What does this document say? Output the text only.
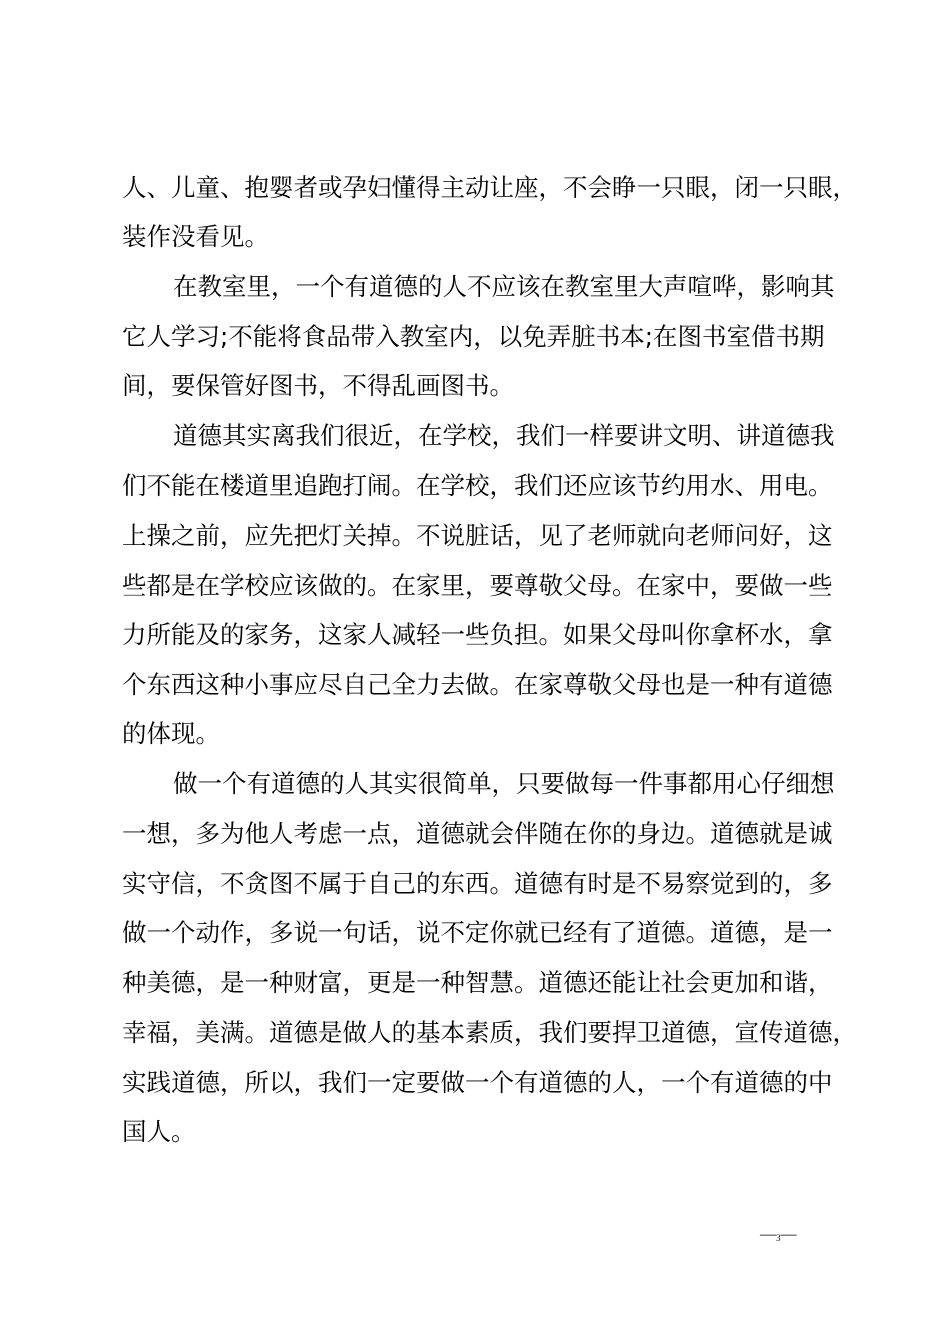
人、儿童、抱婴者或孕妇懂得主动让座，不会睁一只眼，闭一只眼，
装作没看见。
在教室里，一个有道德的人不应该在教室里大声喧哗，影响其
它人学习;不能将食品带入教室内，以免弄脏书本;在图书室借书期
间，要保管好图书，不得乱画图书。
道德其实离我们很近，在学校，我们一样要讲文明、讲道德我
们不能在楼道里追跑打闹。在学校，我们还应该节约用水、用电。
上操之前，应先把灯关掉。不说脏话，见了老师就向老师问好，这
些都是在学校应该做的。在家里，要尊敬父母。在家中，要做一些
力所能及的家务，这家人减轻一些负担。如果父母叫你拿杯水，拿
个东西这种小事应尽自己全力去做。在家尊敬父母也是一种有道德
的体现。
做一个有道德的人其实很简单，只要做每一件事都用心仔细想
一想，多为他人考虑一点，道德就会伴随在你的身边。道德就是诚
实守信，不贪图不属于自己的东西。道德有时是不易察觉到的，多
做一个动作，多说一句话，说不定你就已经有了道德。道德，是一
种美德，是一种财富，更是一种智慧。道德还能让社会更加和谐，
幸福，美满。道德是做人的基本素质，我们要捍卫道德，宣传道德，
实践道德，所以，我们一定要做一个有道德的人，一个有道德的中
国人。
—3—
